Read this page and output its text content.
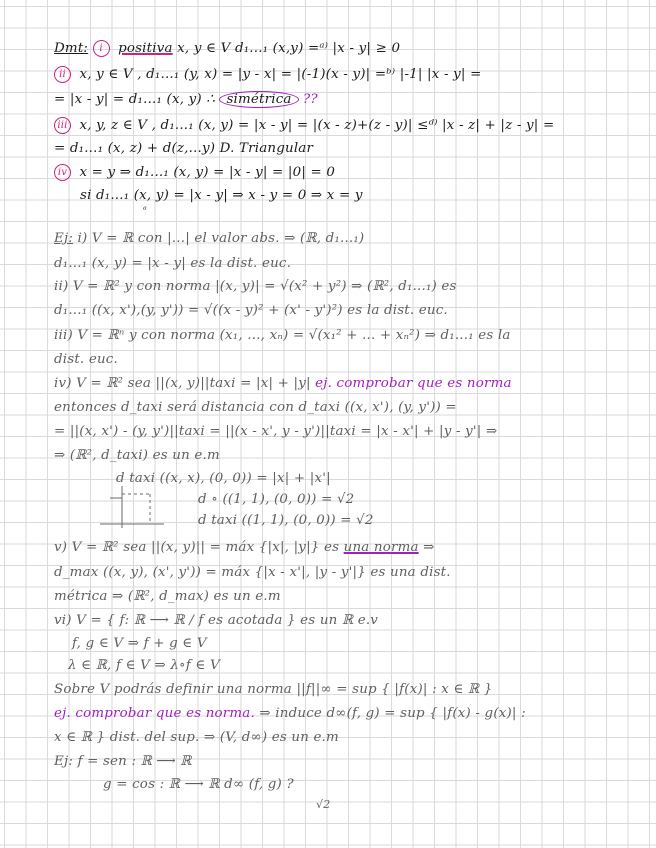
Dmt: i positiva x, y ∈ V d₁...₁ (x,y) =ᵃ⁾ |x - y| ≥ 0
ii x, y ∈ V , d₁...₁ (y, x) = |y - x| = |(-1)(x - y)| =ᵇ⁾ |-1| |x - y| =
= |x - y| = d₁...₁ (x, y) ∴ simétrica ??
iii x, y, z ∈ V , d₁...₁ (x, y) = |x - y| = |(x - z)+(z - y)| ≤ᵈ⁾ |x - z| + |z - y| =
= d₁...₁ (x, z) + d(z,...y) D. Triangular
iv x = y ⇒ d₁...₁ (x, y) = |x - y| = |0| = 0
si d₁...₁ (x, y) = |x - y| ⇒ x - y = 0 ⇒ x = y
ᵃ
Ej: i) V = ℝ con |...| el valor abs. ⇒ (ℝ, d₁...₁)
d₁...₁ (x, y) = |x - y| es la dist. euc.
ii) V = ℝ² y con norma |(x, y)| = √(x² + y²) ⇒ (ℝ², d₁...₁) es
d₁...₁ ((x, x'),(y, y')) = √((x - y)² + (x' - y')²) es la dist. euc.
iii) V = ℝⁿ y con norma (x₁, ..., xₙ) = √(x₁² + ... + xₙ²) ⇒ d₁...₁ es la
dist. euc.
iv) V = ℝ² sea ||(x, y)||taxi = |x| + |y| ej. comprobar que es norma
entonces d_taxi será distancia con d_taxi ((x, x'), (y, y')) =
= ||(x, x') - (y, y')||taxi = ||(x - x', y - y')||taxi = |x - x'| + |y - y'| ⇒
⇒ (ℝ², d_taxi) es un e.m
d taxi ((x, x), (0, 0)) = |x| + |x'|
d ∘ ((1, 1), (0, 0)) = √2
d taxi ((1, 1), (0, 0)) = √2
v) V = ℝ² sea ||(x, y)|| = máx {|x|, |y|} es una norma ⇒
d_max ((x, y), (x', y')) = máx {|x - x'|, |y - y'|} es una dist.
métrica ⇒ (ℝ², d_max) es un e.m
vi) V = { f: ℝ ⟶ ℝ / f es acotada } es un ℝ e.v
f, g ∈ V ⇒ f + g ∈ V
λ ∈ ℝ, f ∈ V ⇒ λ∘f ∈ V
Sobre V podrás definir una norma ||f||∞ = sup { |f(x)| : x ∈ ℝ }
ej. comprobar que es norma. ⇒ induce d∞(f, g) = sup { |f(x) - g(x)| :
x ∈ ℝ } dist. del sup. ⇒ (V, d∞) es un e.m
Ej: f = sen : ℝ ⟶ ℝ
g = cos : ℝ ⟶ ℝ d∞ (f, g) ?
√2
